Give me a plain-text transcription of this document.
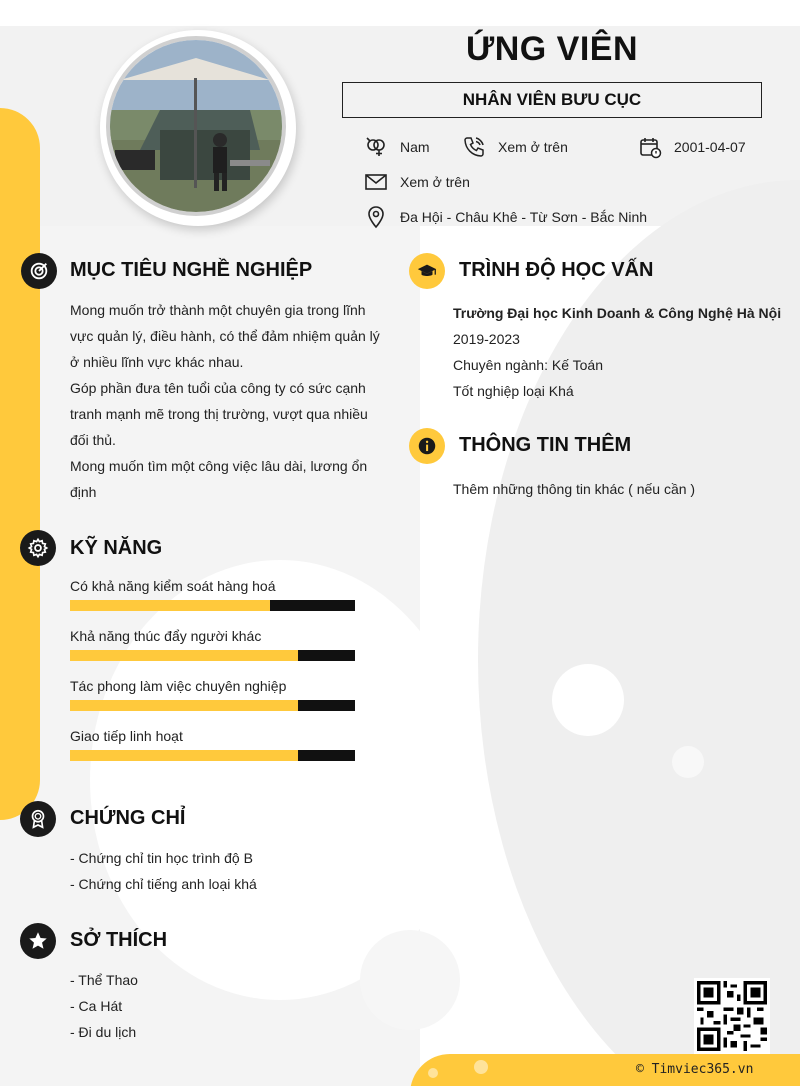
ỨNG VIÊN
NHÂN VIÊN BƯU CỤC
Nam	Xem ở trên	2001-04-07
Xem ở trên
Đa Hội - Châu Khê - Từ Sơn - Bắc Ninh
MỤC TIÊU NGHỀ NGHIỆP
Mong muốn trở thành một chuyên gia trong lĩnh
vực quản lý, điều hành, có thể đảm nhiệm quản lý
ở nhiều lĩnh vực khác nhau.
Góp phần đưa tên tuổi của công ty có sức cạnh
tranh mạnh mẽ trong thị trường, vượt qua nhiều
đối thủ.
Mong muốn tìm một công việc lâu dài, lương ổn
định
KỸ NĂNG
Có khả năng kiểm soát hàng hoá
Khả năng thúc đẩy người khác
Tác phong làm việc chuyên nghiệp
Giao tiếp linh hoạt
CHỨNG CHỈ
- Chứng chỉ tin học trình độ B
- Chứng chỉ tiếng anh loại khá
SỞ THÍCH
- Thể Thao
- Ca Hát
- Đi du lịch
TRÌNH ĐỘ HỌC VẤN
Trường Đại học Kinh Doanh & Công Nghệ Hà Nội
2019-2023
Chuyên ngành: Kế Toán
Tốt nghiệp loại Khá
THÔNG TIN THÊM
Thêm những thông tin khác ( nếu cần )
© Timviec365.vn
